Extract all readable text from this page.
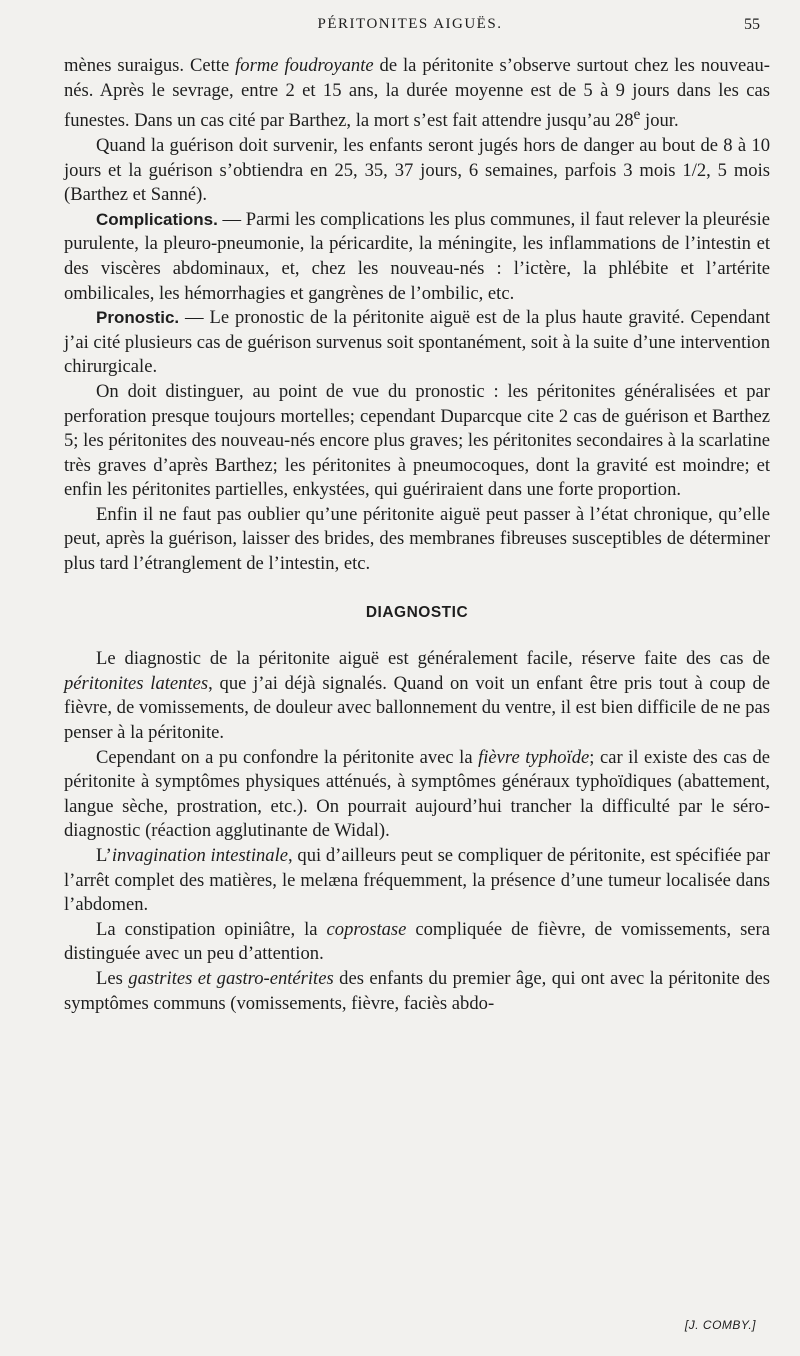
PÉRITONITES AIGUËS.	55

mènes suraigus. Cette forme foudroyante de la péritonite s’observe surtout chez les nouveau-nés. Après le sevrage, entre 2 et 15 ans, la durée moyenne est de 5 à 9 jours dans les cas funestes. Dans un cas cité par Barthez, la mort s’est fait attendre jusqu’au 28e jour.

Quand la guérison doit survenir, les enfants seront jugés hors de danger au bout de 8 à 10 jours et la guérison s’obtiendra en 25, 35, 37 jours, 6 semaines, parfois 3 mois 1/2, 5 mois (Barthez et Sanné).

Complications. — Parmi les complications les plus communes, il faut relever la pleurésie purulente, la pleuro-pneumonie, la péricardite, la méningite, les inflammations de l’intestin et des viscères abdominaux, et, chez les nouveau-nés : l’ictère, la phlébite et l’artérite ombilicales, les hémorrhagies et gangrènes de l’ombilic, etc.

Pronostic. — Le pronostic de la péritonite aiguë est de la plus haute gravité. Cependant j’ai cité plusieurs cas de guérison survenus soit spontanément, soit à la suite d’une intervention chirurgicale.

On doit distinguer, au point de vue du pronostic : les péritonites généralisées et par perforation presque toujours mortelles; cependant Duparcque cite 2 cas de guérison et Barthez 5; les péritonites des nouveau-nés encore plus graves; les péritonites secondaires à la scarlatine très graves d’après Barthez; les péritonites à pneumocoques, dont la gravité est moindre; et enfin les péritonites partielles, enkystées, qui guériraient dans une forte proportion.

Enfin il ne faut pas oublier qu’une péritonite aiguë peut passer à l’état chronique, qu’elle peut, après la guérison, laisser des brides, des membranes fibreuses susceptibles de déterminer plus tard l’étranglement de l’intestin, etc.

DIAGNOSTIC

Le diagnostic de la péritonite aiguë est généralement facile, réserve faite des cas de péritonites latentes, que j’ai déjà signalés. Quand on voit un enfant être pris tout à coup de fièvre, de vomissements, de douleur avec ballonnement du ventre, il est bien difficile de ne pas penser à la péritonite.

Cependant on a pu confondre la péritonite avec la fièvre typhoïde; car il existe des cas de péritonite à symptômes physiques atténués, à symptômes généraux typhoïdiques (abattement, langue sèche, prostration, etc.). On pourrait aujourd’hui trancher la difficulté par le séro-diagnostic (réaction agglutinante de Widal).

L’invagination intestinale, qui d’ailleurs peut se compliquer de péritonite, est spécifiée par l’arrêt complet des matières, le melæna fréquemment, la présence d’une tumeur localisée dans l’abdomen.

La constipation opiniâtre, la coprostase compliquée de fièvre, de vomissements, sera distinguée avec un peu d’attention.

Les gastrites et gastro-entérites des enfants du premier âge, qui ont avec la péritonite des symptômes communs (vomissements, fièvre, faciès abdo-

[J. COMBY.]
